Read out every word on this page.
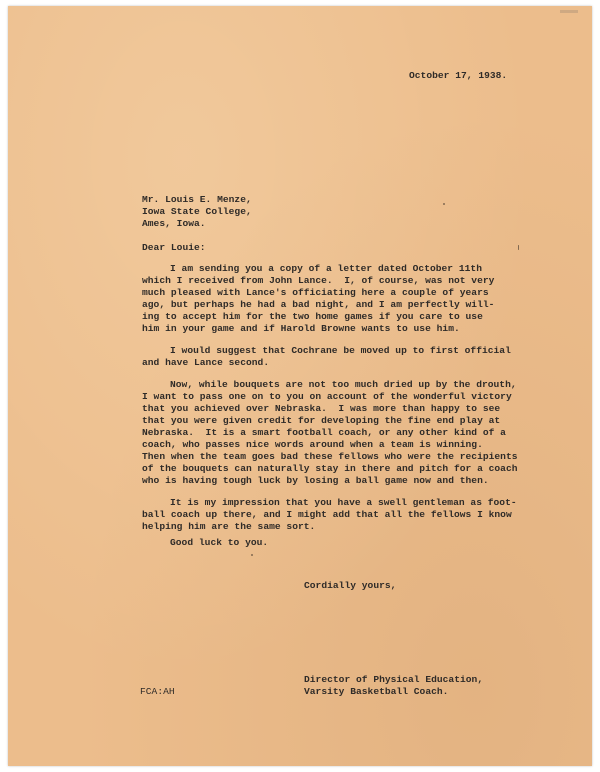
October 17, 1938.
Mr. Louis E. Menze,
Iowa State College,
Ames, Iowa.
Dear Louie:
I am sending you a copy of a letter dated October 11th
which I received from John Lance.  I, of course, was not very
much pleased with Lance's officiating here a couple of years
ago, but perhaps he had a bad night, and I am perfectly will-
ing to accept him for the two home games if you care to use
him in your game and if Harold Browne wants to use him.
I would suggest that Cochrane be moved up to first official
and have Lance second.
Now, while bouquets are not too much dried up by the drouth,
I want to pass one on to you on account of the wonderful victory
that you achieved over Nebraska.  I was more than happy to see
that you were given credit for developing the fine end play at
Nebraska.  It is a smart football coach, or any other kind of a
coach, who passes nice words around when a team is winning.
Then when the team goes bad these fellows who were the recipients
of the bouquets can naturally stay in there and pitch for a coach
who is having tough luck by losing a ball game now and then.
It is my impression that you have a swell gentleman as foot-
ball coach up there, and I might add that all the fellows I know
helping him are the same sort.
Good luck to you.
Cordially yours,
Director of Physical Education,
Varsity Basketball Coach.
FCA:AH
